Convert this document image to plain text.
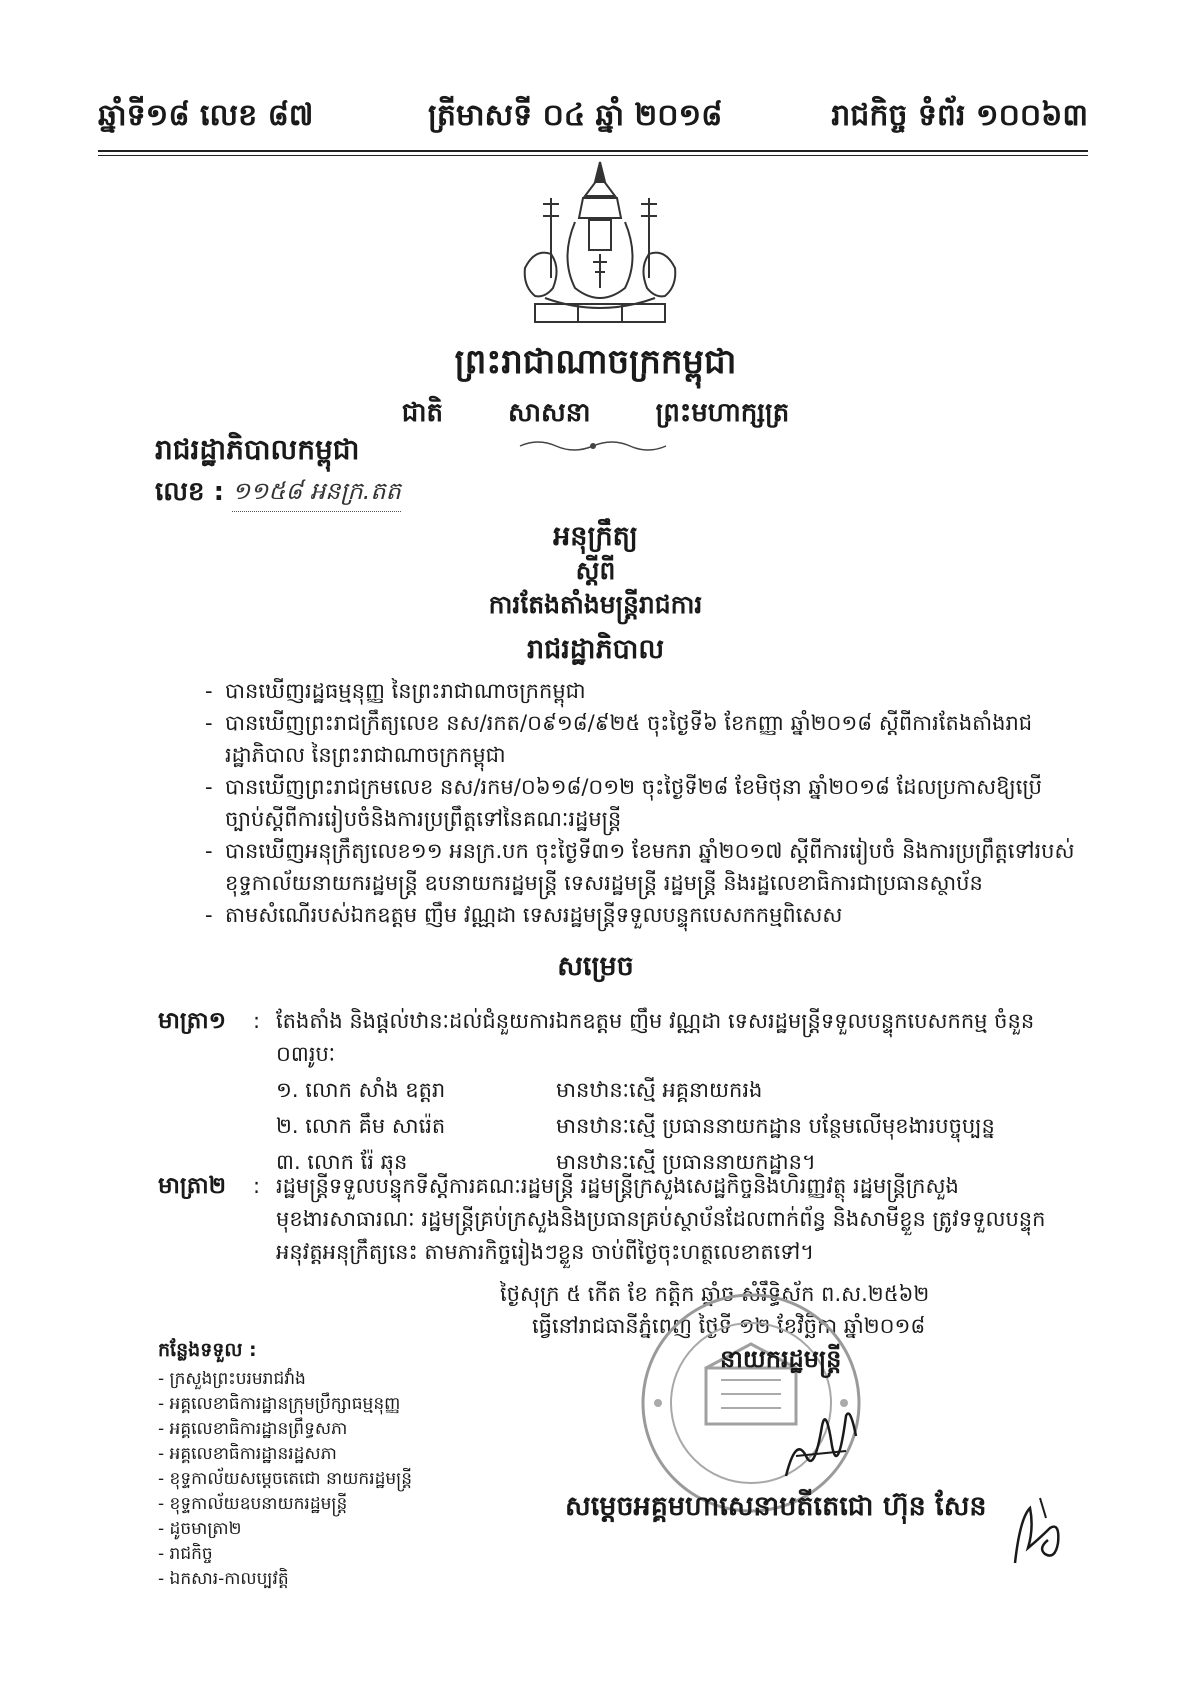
ឆ្នាំទី១៨ លេខ ៨៧	ត្រីមាសទី ០៤ ឆ្នាំ ២០១៨	រាជកិច្ច ទំព័រ ១០០៦៣
ព្រះរាជាណាចក្រកម្ពុជា
ជាតិ	សាសនា	ព្រះមហាក្សត្រ
រាជរដ្ឋាភិបាលកម្ពុជា
លេខ : ១១៥៨ អនក្រ.តត
អនុក្រឹត្យ
ស្តីពី
ការតែងតាំងមន្ត្រីរាជការ
រាជរដ្ឋាភិបាល
- បានឃើញរដ្ឋធម្មនុញ្ញ នៃព្រះរាជាណាចក្រកម្ពុជា
- បានឃើញព្រះរាជក្រឹត្យលេខ នស/រកត/០៩១៨/៩២៥ ចុះថ្ងៃទី៦ ខែកញ្ញា ឆ្នាំ២០១៨ ស្តីពីការតែងតាំងរាជរដ្ឋាភិបាល នៃព្រះរាជាណាចក្រកម្ពុជា
- បានឃើញព្រះរាជក្រមលេខ នស/រកម/០៦១៨/០១២ ចុះថ្ងៃទី២៨ ខែមិថុនា ឆ្នាំ២០១៨ ដែលប្រកាសឱ្យប្រើច្បាប់ស្តីពីការរៀបចំនិងការប្រព្រឹត្តទៅនៃគណៈរដ្ឋមន្ត្រី
- បានឃើញអនុក្រឹត្យលេខ១១ អនក្រ.បក ចុះថ្ងៃទី៣១ ខែមករា ឆ្នាំ២០១៧ ស្តីពីការរៀបចំ និងការប្រព្រឹត្តទៅរបស់ខុទ្ទកាល័យនាយករដ្ឋមន្ត្រី ឧបនាយករដ្ឋមន្ត្រី ទេសរដ្ឋមន្ត្រី រដ្ឋមន្ត្រី និងរដ្ឋលេខាធិការជាប្រធានស្ថាប័ន
- តាមសំណើរបស់ឯកឧត្តម ញឹម វណ្ណដា ទេសរដ្ឋមន្ត្រីទទួលបន្ទុកបេសកកម្មពិសេស
សម្រេច
មាត្រា១ : តែងតាំង និងផ្តល់ឋានៈដល់ជំនួយការឯកឧត្តម ញឹម វណ្ណដា ទេសរដ្ឋមន្ត្រីទទួលបន្ទុកបេសកកម្ម ចំនួន ០៣រូបៈ
១. លោក សាំង ឧត្តរា	មានឋានៈស្មើ អគ្គនាយករង
២. លោក គឹម សារ៉េត	មានឋានៈស្មើ ប្រធាននាយកដ្ឋាន បន្ថែមលើមុខងារបច្ចុប្បន្ន
៣. លោក រ៉ែ ឆុន	មានឋានៈស្មើ ប្រធាននាយកដ្ឋាន។
មាត្រា២ : រដ្ឋមន្ត្រីទទួលបន្ទុកទីស្តីការគណៈរដ្ឋមន្ត្រី រដ្ឋមន្ត្រីក្រសួងសេដ្ឋកិច្ចនិងហិរញ្ញវត្ថុ រដ្ឋមន្ត្រីក្រសួងមុខងារសាធារណៈ រដ្ឋមន្ត្រីគ្រប់ក្រសួងនិងប្រធានគ្រប់ស្ថាប័នដែលពាក់ព័ន្ធ និងសាមីខ្លួន ត្រូវទទួលបន្ទុកអនុវត្តអនុក្រឹត្យនេះ តាមភារកិច្ចរៀងៗខ្លួន ចាប់ពីថ្ងៃចុះហត្ថលេខាតទៅ។
ថ្ងៃសុក្រ ៥ កើត ខែ កត្តិក ឆ្នាំច សំរឹទ្ធិស័ក ព.ស.២៥៦២
ធ្វើនៅរាជធានីភ្នំពេញ ថ្ងៃទី ១២ ខែវិច្ឆិកា ឆ្នាំ២០១៨
នាយករដ្ឋមន្ត្រី
សម្តេចអគ្គមហាសេនាបតីតេជោ ហ៊ុន សែន
កន្លែងទទួល :
- ក្រសួងព្រះបរមរាជវាំង
- អគ្គលេខាធិការដ្ឋានក្រុមប្រឹក្សាធម្មនុញ្ញ
- អគ្គលេខាធិការដ្ឋានព្រឹទ្ធសភា
- អគ្គលេខាធិការដ្ឋានរដ្ឋសភា
- ខុទ្ទកាល័យសម្តេចតេជោ នាយករដ្ឋមន្ត្រី
- ខុទ្ទកាល័យឧបនាយករដ្ឋមន្ត្រី
- ដូចមាត្រា២
- រាជកិច្ច
- ឯកសារ-កាលប្បវត្តិ
